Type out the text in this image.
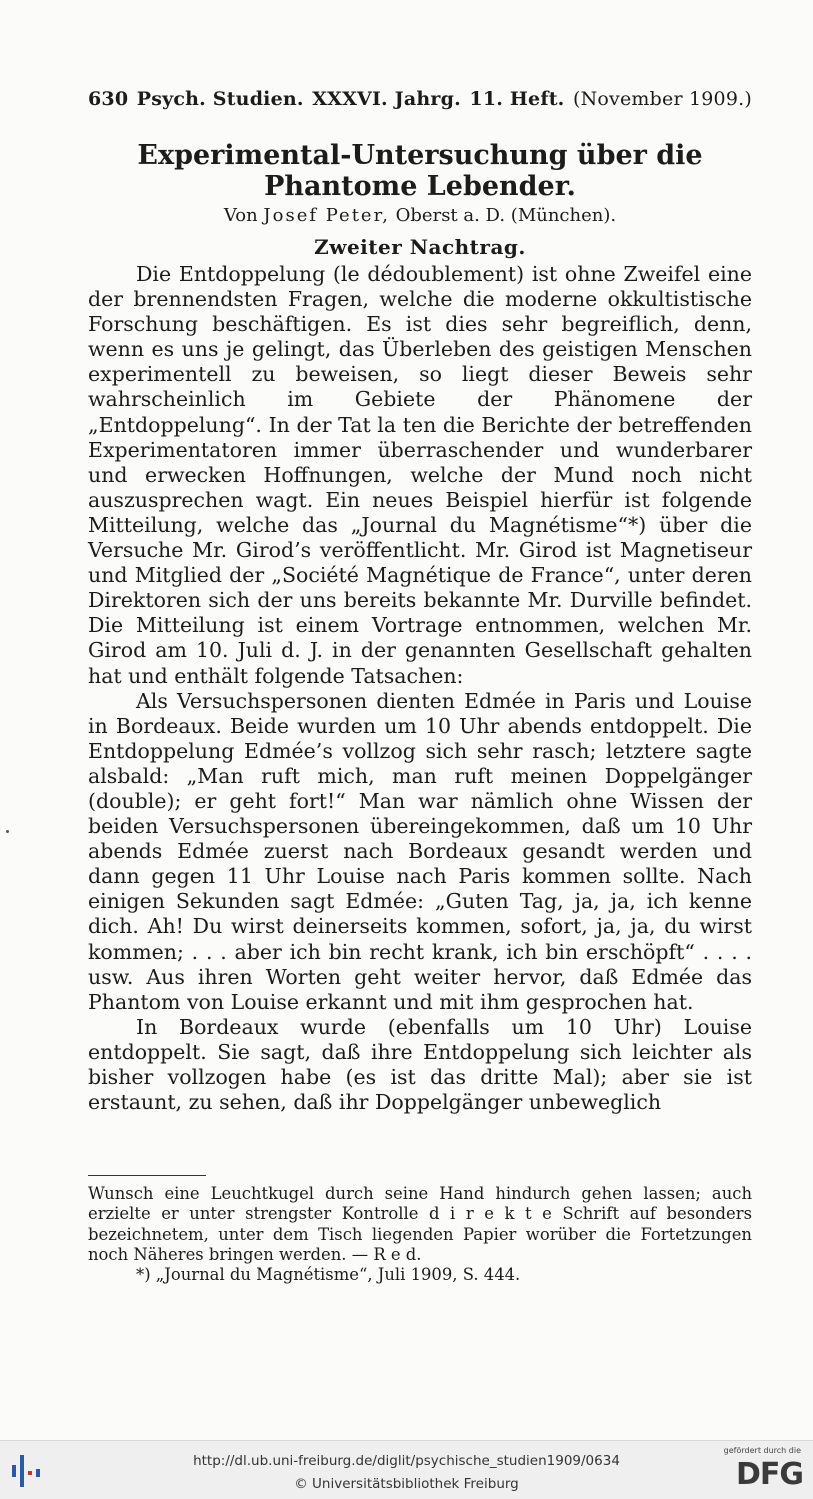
630 Psych. Studien. XXXVI. Jahrg. 11. Heft. (November 1909.)
Experimental-Untersuchung über die
Phantome Lebender.
Von Josef Peter, Oberst a. D. (München).
Zweiter Nachtrag.

Die Entdoppelung (le dédoublement) ist ohne Zweifel eine der brennendsten Fragen, welche die moderne okkultistische Forschung beschäftigen. Es ist dies sehr begreiflich, denn, wenn es uns je gelingt, das Überleben des geistigen Menschen experimentell zu beweisen, so liegt dieser Beweis sehr wahrscheinlich im Gebiete der Phänomene der „Entdoppelung“. In der Tat la ten die Berichte der betreffenden Experimentatoren immer überraschender und wunderbarer und erwecken Hoffnungen, welche der Mund noch nicht auszusprechen wagt. Ein neues Beispiel hierfür ist folgende Mitteilung, welche das „Journal du Magnétisme“*) über die Versuche Mr. Girod’s veröffentlicht. Mr. Girod ist Magnetiseur und Mitglied der „Société Magnétique de France“, unter deren Direktoren sich der uns bereits bekannte Mr. Durville befindet. Die Mitteilung ist einem Vortrage entnommen, welchen Mr. Girod am 10. Juli d. J. in der genannten Gesellschaft gehalten hat und enthält folgende Tatsachen:

Als Versuchspersonen dienten Edmée in Paris und Louise in Bordeaux. Beide wurden um 10 Uhr abends entdoppelt. Die Entdoppelung Edmée’s vollzog sich sehr rasch; letztere sagte alsbald: „Man ruft mich, man ruft meinen Doppelgänger (double); er geht fort!“ Man war nämlich ohne Wissen der beiden Versuchspersonen übereingekommen, daß um 10 Uhr abends Edmée zuerst nach Bordeaux gesandt werden und dann gegen 11 Uhr Louise nach Paris kommen sollte. Nach einigen Sekunden sagt Edmée: „Guten Tag, ja, ja, ich kenne dich. Ah! Du wirst deinerseits kommen, sofort, ja, ja, du wirst kommen; . . . aber ich bin recht krank, ich bin erschöpft“ . . . . usw. Aus ihren Worten geht weiter hervor, daß Edmée das Phantom von Louise erkannt und mit ihm gesprochen hat.

In Bordeaux wurde (ebenfalls um 10 Uhr) Louise entdoppelt. Sie sagt, daß ihre Entdoppelung sich leichter als bisher vollzogen habe (es ist das dritte Mal); aber sie ist erstaunt, zu sehen, daß ihr Doppelgänger unbeweglich

Wunsch eine Leuchtkugel durch seine Hand hindurch gehen lassen; auch erzielte er unter strengster Kontrolle d i r e k t e Schrift auf besonders bezeichnetem, unter dem Tisch liegenden Papier worüber die Fortetzungen noch Näheres bringen werden. — R e d.

*) „Journal du Magnétisme“, Juli 1909, S. 444.

http://dl.ub.uni-freiburg.de/diglit/psychische_studien1909/0634
© Universitätsbibliothek Freiburg
gefördert durch die
DFG
